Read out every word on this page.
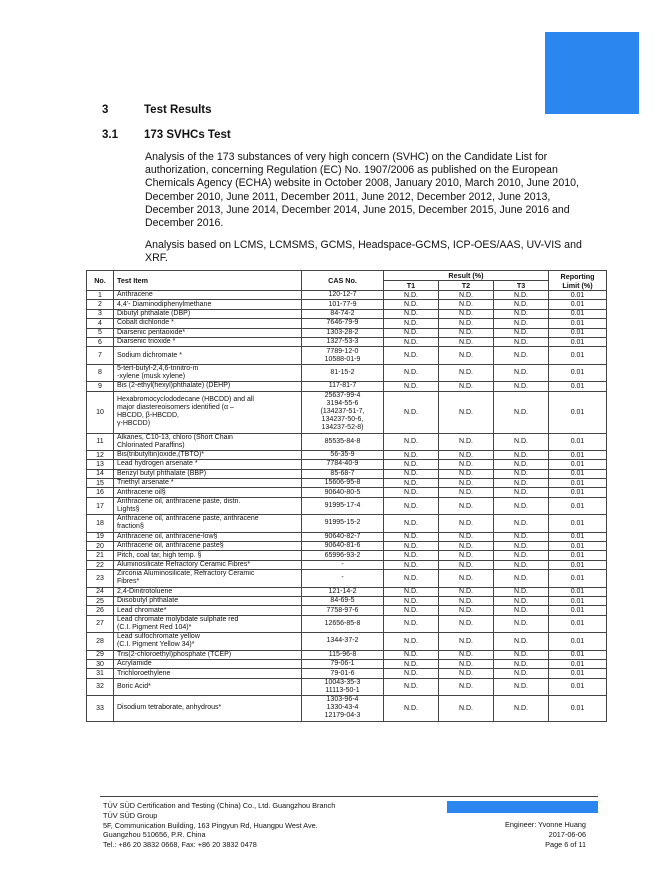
3	Test Results
3.1 173 SVHCs Test
Analysis of the 173 substances of very high concern (SVHC) on the Candidate List for authorization, concerning Regulation (EC) No. 1907/2006 as published on the European Chemicals Agency (ECHA) website in October 2008, January 2010, March 2010, June 2010, December 2010, June 2011, December 2011, June 2012, December 2012, June 2013, December 2013, June 2014, December 2014, June 2015, December 2015, June 2016 and December 2016.
Analysis based on LCMS, LCMSMS, GCMS, Headspace-GCMS, ICP-OES/AAS, UV-VIS and XRF.
No.	Test Item	CAS No.	Result (%)			Reporting Limit (%)
			T1	T2	T3	
1	Anthracene	120-12-7	N.D.	N.D.	N.D.	0.01
2	4,4'- Diaminodiphenylmethane	101-77-9	N.D.	N.D.	N.D.	0.01
3	Dibutyl phthalate (DBP)	84-74-2	N.D.	N.D.	N.D.	0.01
4	Cobalt dichloride *	7646-79-9	N.D.	N.D.	N.D.	0.01
5	Diarsenic pentaoxide*	1303-28-2	N.D.	N.D.	N.D.	0.01
6	Diarsenic trioxide *	1327-53-3	N.D.	N.D.	N.D.	0.01
7	Sodium dichromate *	7789-12-0
10588-01-9	N.D.	N.D.	N.D.	0.01
8	5-tert-butyl-2,4,6-trinitro-m
-xylene (musk xylene)	81-15-2	N.D.	N.D.	N.D.	0.01
9	Bis (2-ethyl(hexyl)phthalate) (DEHP)	117-81-7	N.D.	N.D.	N.D.	0.01
10	Hexabromocyclododecane (HBCDD) and all
major diastereoisomers identified (α –
HBCDD, β-HBCDD,
γ-HBCDD)	25637-99-4
3194-55-6
(134237-51-7,
134237-50-6,
134237-52-8)	N.D.	N.D.	N.D.	0.01
11	Alkanes, C10-13, chloro (Short Chain
Chlorinated Paraffins)	85535-84-8	N.D.	N.D.	N.D.	0.01
12	Bis(tributyltin)oxide,(TBTO)*	56-35-9	N.D.	N.D.	N.D.	0.01
13	Lead hydrogen arsenate *	7784-40-9	N.D.	N.D.	N.D.	0.01
14	Benzyl butyl phthalate (BBP)	85-68-7	N.D.	N.D.	N.D.	0.01
15	Triethyl arsenate *	15606-95-8	N.D.	N.D.	N.D.	0.01
16	Anthracene oil§	90640-80-5	N.D.	N.D.	N.D.	0.01
17	Anthracene oil, anthracene paste, distn.
Lights§	91995-17-4	N.D.	N.D.	N.D.	0.01
18	Anthracene oil, anthracene paste, anthracene
fraction§	91995-15-2	N.D.	N.D.	N.D.	0.01
19	Anthracene oil, anthracene-low§	90640-82-7	N.D.	N.D.	N.D.	0.01
20	Anthracene oil, anthracene paste§	90640-81-6	N.D.	N.D.	N.D.	0.01
21	Pitch, coal tar, high temp. §	65996-93-2	N.D.	N.D.	N.D.	0.01
22	Aluminosilicate Refractory Ceramic Fibres*	-	N.D.	N.D.	N.D.	0.01
23	Zirconia Aluminosilicate, Refractory Ceramic
Fibres*	-	N.D.	N.D.	N.D.	0.01
24	2,4-Dinitrotoluene	121-14-2	N.D.	N.D.	N.D.	0.01
25	Diisobutyl phthalate	84-69-5	N.D.	N.D.	N.D.	0.01
26	Lead chromate*	7758-97-6	N.D.	N.D.	N.D.	0.01
27	Lead chromate molybdate sulphate red
(C.I. Pigment Red 104)*	12656-85-8	N.D.	N.D.	N.D.	0.01
28	Lead sulfochromate yellow
(C.I. Pigment Yellow 34)*	1344-37-2	N.D.	N.D.	N.D.	0.01
29	Tris(2-chloroethyl)phosphate (TCEP)	115-96-8	N.D.	N.D.	N.D.	0.01
30	Acrylamide	79-06-1	N.D.	N.D.	N.D.	0.01
31	Trichloroethylene	79-01-6	N.D.	N.D.	N.D.	0.01
32	Boric Acid*	10043-35-3
11113-50-1	N.D.	N.D.	N.D.	0.01
33	Disodium tetraborate, anhydrous*	1303-96-4
1330-43-4
12179-04-3	N.D.	N.D.	N.D.	0.01
TÜV SÜD Certification and Testing (China) Co., Ltd. Guangzhou Branch
TÜV SÜD Group
5F, Communication Building, 163 Pingyun Rd, Huangpu West Ave.
Guangzhou 510656, P.R. China
Tel.: +86 20 3832 0668, Fax: +86 20 3832 0478
Engineer: Yvonne Huang
2017-06-06
Page 6 of 11
